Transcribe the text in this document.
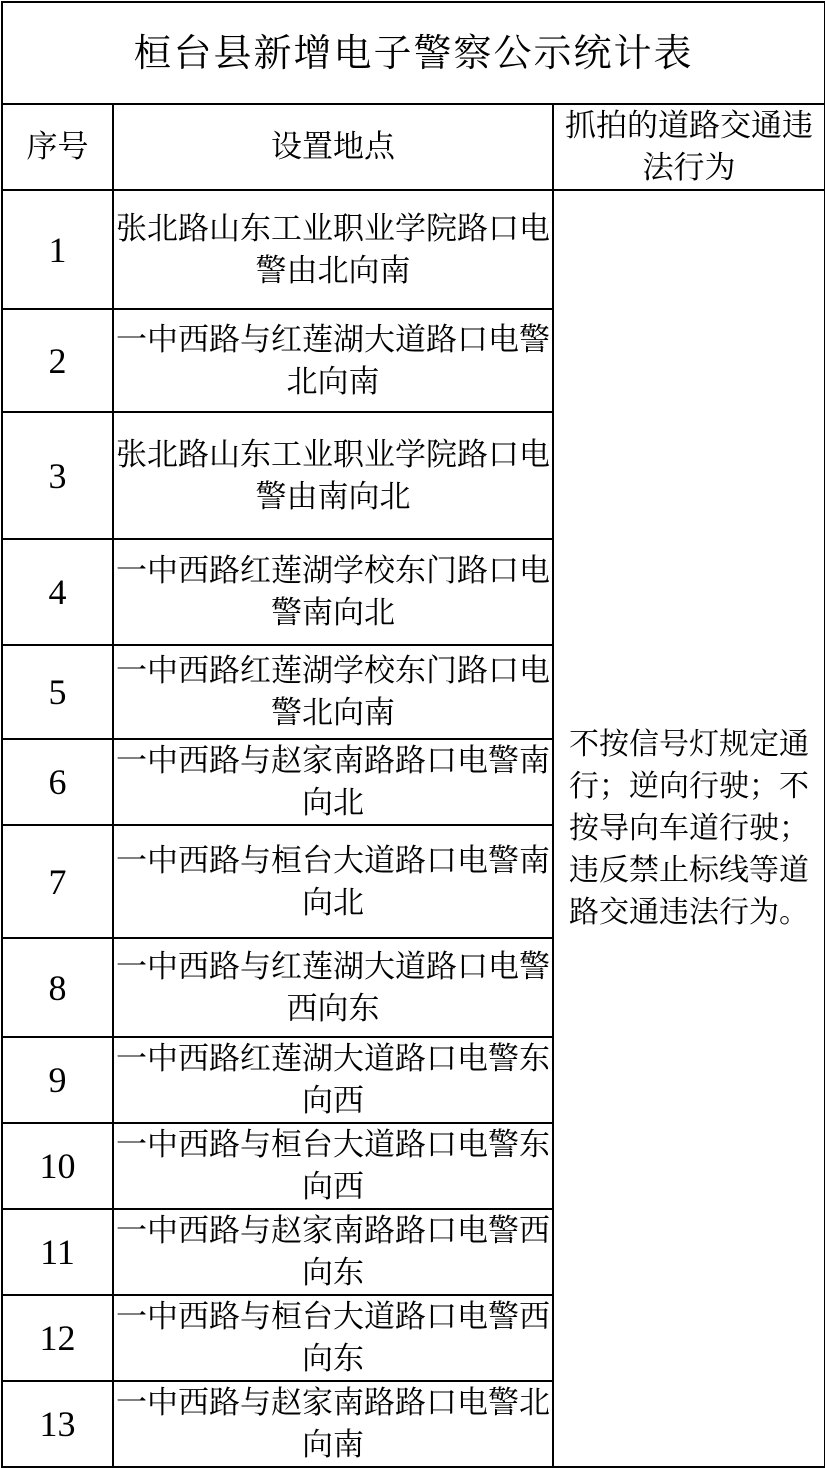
桓台县新增电子警察公示统计表		
序号	设置地点	抓拍的道路交通违法行为
1	张北路山东工业职业学院路口电警由北向南	不按信号灯规定通行；逆向行驶；不按导向车道行驶；违反禁止标线等道路交通违法行为。
2	一中西路与红莲湖大道路口电警北向南	
3	张北路山东工业职业学院路口电警由南向北	
4	一中西路红莲湖学校东门路口电警南向北	
5	一中西路红莲湖学校东门路口电警北向南	
6	一中西路与赵家南路路口电警南向北	
7	一中西路与桓台大道路口电警南向北	
8	一中西路与红莲湖大道路口电警西向东	
9	一中西路红莲湖大道路口电警东向西	
10	一中西路与桓台大道路口电警东向西	
11	一中西路与赵家南路路口电警西向东	
12	一中西路与桓台大道路口电警西向东	
13	一中西路与赵家南路路口电警北向南	
